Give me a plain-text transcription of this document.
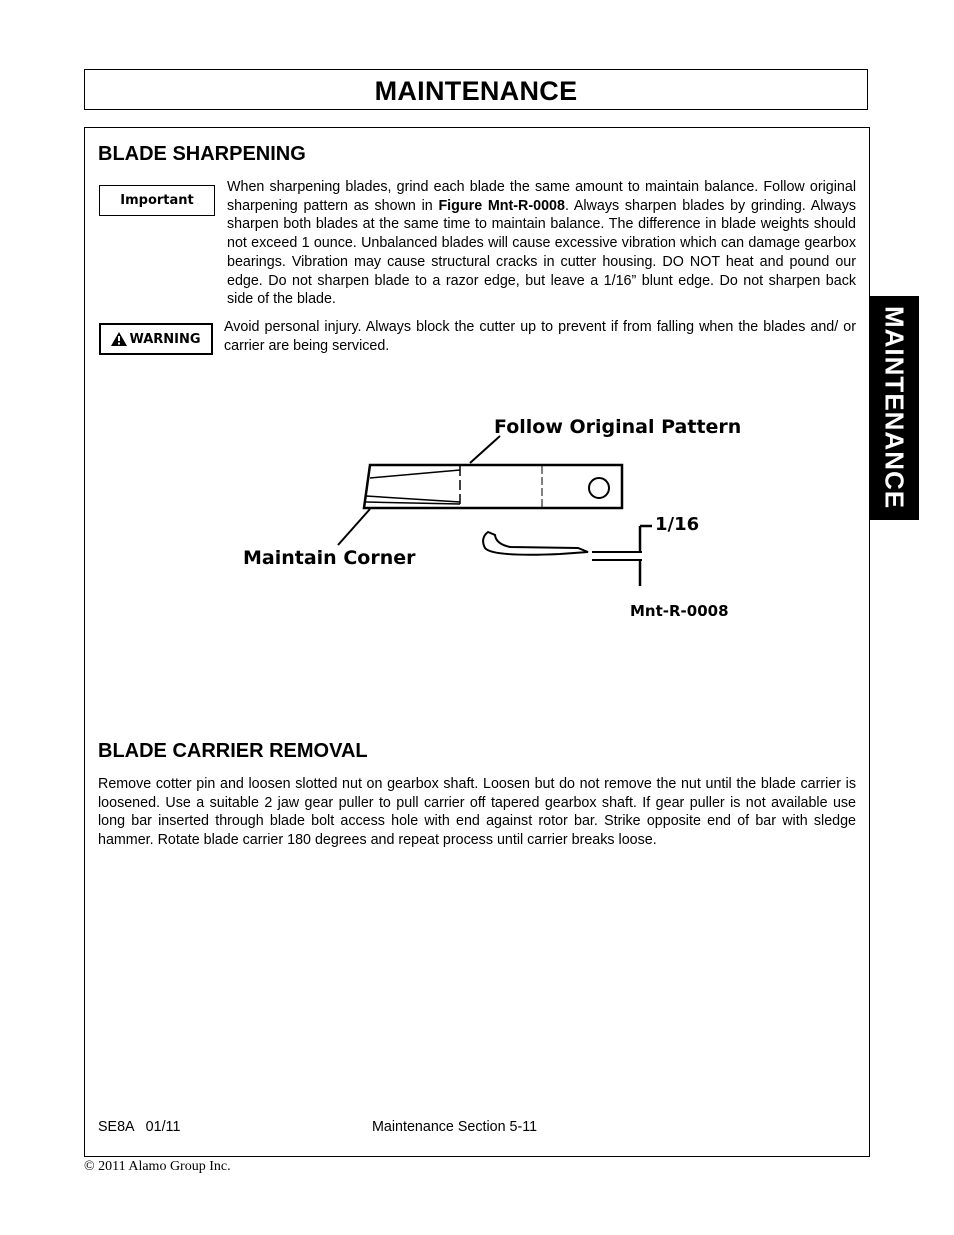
MAINTENANCE
MAINTENANCE
BLADE SHARPENING
Important
When sharpening blades, grind each blade the same amount to maintain balance. Follow original sharpening pattern as shown in Figure Mnt-R-0008. Always sharpen blades by grinding. Always sharpen both blades at the same time to maintain balance. The difference in blade weights should not exceed 1 ounce. Unbalanced blades will cause excessive vibration which can damage gearbox bearings. Vibration may cause structural cracks in cutter housing. DO NOT heat and pound our edge. Do not sharpen blade to a razor edge, but leave a 1/16” blunt edge. Do not sharpen back side of the blade.
WARNING
Avoid personal injury. Always block the cutter up to prevent if from falling when the blades and/ or carrier are being serviced.
Follow Original Pattern
Maintain Corner
1/16
Mnt-R-0008
BLADE CARRIER REMOVAL
Remove cotter pin and loosen slotted nut on gearbox shaft. Loosen but do not remove the nut until the blade carrier is loosened. Use a suitable 2 jaw gear puller to pull carrier off tapered gearbox shaft. If gear puller is not available use long bar inserted through blade bolt access hole with end against rotor bar. Strike opposite end of bar with sledge hammer. Rotate blade carrier 180 degrees and repeat process until carrier breaks loose.
SE8A   01/11	Maintenance Section 5-11
© 2011 Alamo Group Inc.
